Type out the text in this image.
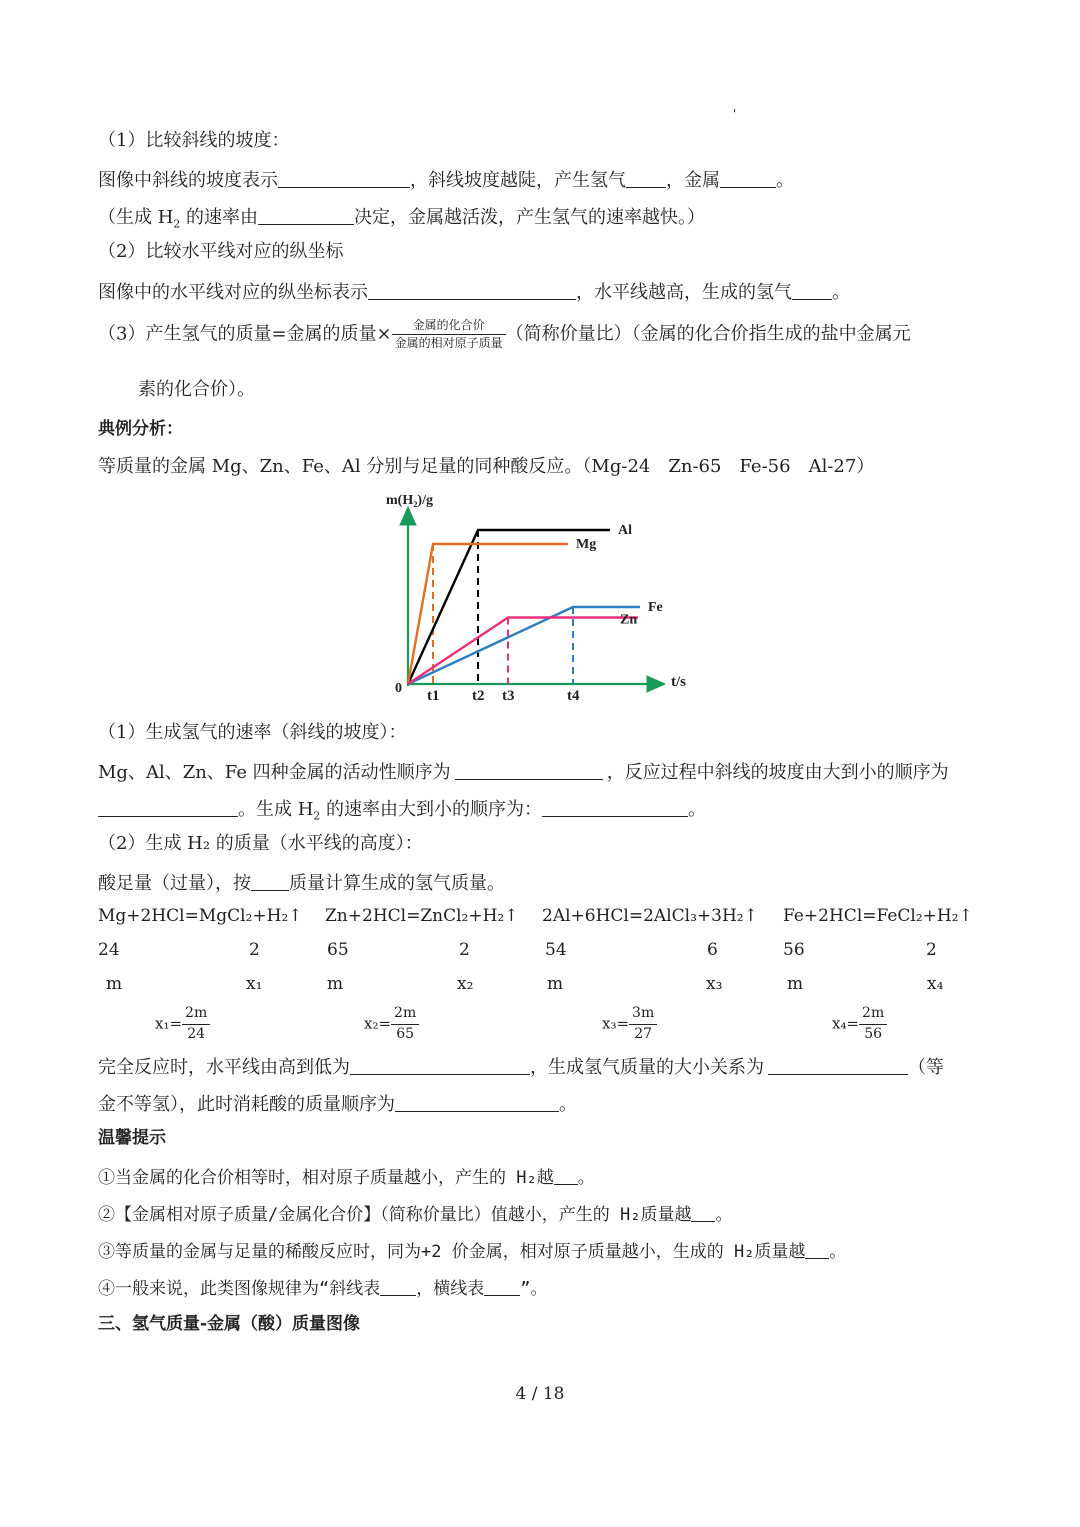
'
（1）比较斜线的坡度：
图像中斜线的坡度表示	，斜线坡度越陡，产生氢气 ，金属	。
（生成 $H_2$ 的速率由	决定，金属越活泼，产生氢气的速率越快。）
（2）比较水平线对应的纵坐标
图像中的水平线对应的纵坐标表示	，水平线越高，生成的氢气 。
（3）产生氢气的质量=金属的质量× $\frac{\text{金属的化合价}}{\text{金属的相对原子质量}}$ （简称价量比）（金属的化合价指生成的盐中金属元
素的化合价）。
典例分析：
等质量的金属 Mg、Zn、Fe、Al 分别与足量的同种酸反应。（Mg-24　Zn-65　Fe-56　Al-27）
m(H₂)/g
t/s
0 t1 t2 t3	t4
Al
Mg
Fe
Zn
（1）生成氢气的速率（斜线的坡度）：
Mg、Al、Zn、Fe 四种金属的活动性顺序为	，反应过程中斜线的坡度由大到小的顺序为
。生成 $H_2$ 的速率由大到小的顺序为：	。
（2）生成 H₂ 的质量（水平线的高度）：
酸足量（过量），按 质量计算生成的氢气质量。
Mg+2HCl=MgCl₂+H₂↑ Zn+2HCl=ZnCl₂+H₂↑ 2Al+6HCl=2AlCl₃+3H₂↑ Fe+2HCl=FeCl₂+H₂↑
24	2	65	2	54	6	56	2
m	x₁	m	x₂	m	x₃	m	x₄
$x_1= \frac{2m}{24}$	$x_2= \frac{2m}{65}$	$x_3= \frac{3m}{27}$	$x_4= \frac{2m}{56}$
完全反应时，水平线由高到低为	，生成氢气质量的大小关系为	（等
金不等氢），此时消耗酸的质量顺序为	。
温馨提示
①当金属的化合价相等时，相对原子质量越小，产生的 H₂越 。
②【金属相对原子质量/金属化合价】（简称价量比）值越小，产生的 H₂质量越 。
③等质量的金属与足量的稀酸反应时，同为+2 价金属，相对原子质量越小，生成的 H₂质量越 。
④一般来说，此类图像规律为“斜线表 ，横线表 ”。
三、氢气质量-金属（酸）质量图像
4 / 18
